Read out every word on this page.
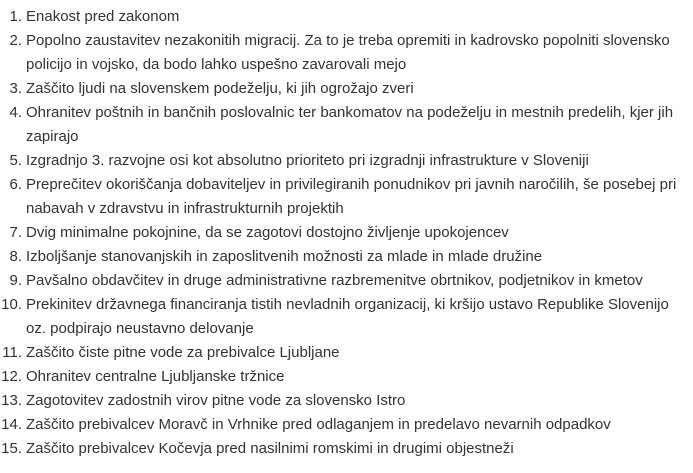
1. Enakost pred zakonom
2. Popolno zaustavitev nezakonitih migracij. Za to je treba opremiti in kadrovsko popolniti slovensko policijo in vojsko, da bodo lahko uspešno zavarovali mejo
3. Zaščito ljudi na slovenskem podeželju, ki jih ogrožajo zveri
4. Ohranitev poštnih in bančnih poslovalnic ter bankomatov na podeželju in mestnih predelih, kjer jih zapirajo
5. Izgradnjo 3. razvojne osi kot absolutno prioriteto pri izgradnji infrastrukture v Sloveniji
6. Preprečitev okoriščanja dobaviteljev in privilegiranih ponudnikov pri javnih naročilih, še posebej pri nabavah v zdravstvu in infrastrukturnih projektih
7. Dvig minimalne pokojnine, da se zagotovi dostojno življenje upokojencev
8. Izboljšanje stanovanjskih in zaposlitvenih možnosti za mlade in mlade družine
9. Pavšalno obdavčitev in druge administrativne razbremenitve obrtnikov, podjetnikov in kmetov
10. Prekinitev državnega financiranja tistih nevladnih organizacij, ki kršijo ustavo Republike Slovenijo oz. podpirajo neustavno delovanje
11. Zaščito čiste pitne vode za prebivalce Ljubljane
12. Ohranitev centralne Ljubljanske tržnice
13. Zagotovitev zadostnih virov pitne vode za slovensko Istro
14. Zaščito prebivalcev Moravč in Vrhnike pred odlaganjem in predelavo nevarnih odpadkov
15. Zaščito prebivalcev Kočevja pred nasilnimi romskimi in drugimi objestneži
